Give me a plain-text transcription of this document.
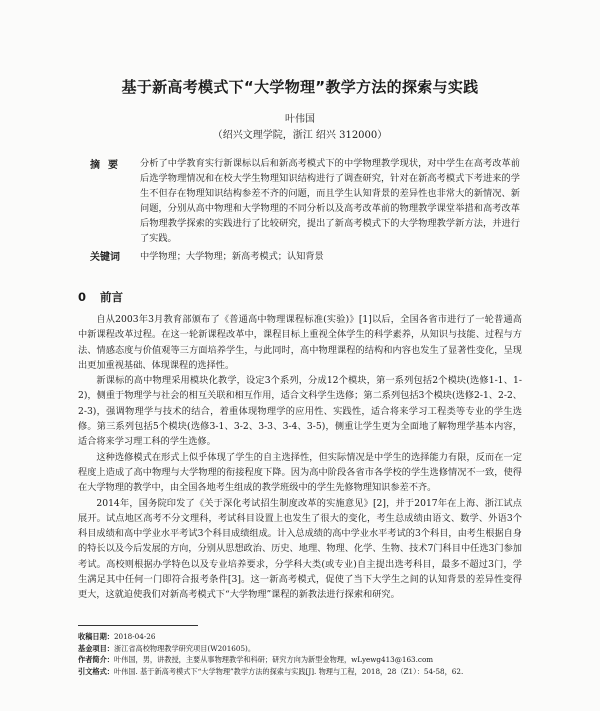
基于新高考模式下“大学物理”教学方法的探索与实践
叶伟国
（绍兴文理学院，浙江 绍兴 312000）
摘要	分析了中学教育实行新课标以后和新高考模式下的中学物理教学现状，对中学生在高考改革前后选学物理情况和在校大学生物理知识结构进行了调查研究，针对在新高考模式下考进来的学生不但存在物理知识结构参差不齐的问题，而且学生认知背景的差异性也非常大的新情况、新问题，分别从高中物理和大学物理的不同分析以及高考改革前的物理教学课堂举措和高考改革后物理教学探索的实践进行了比较研究，提出了新高考模式下的大学物理教学新方法，并进行了实践。
关键词	中学物理；大学物理；新高考模式；认知背景
0 前言

自从2003年3月教育部颁布了《普通高中物理课程标准(实验)》[1]以后，全国各省市进行了一轮普通高中新课程改革过程。在这一轮新课程改革中，课程目标上重视全体学生的科学素养，从知识与技能、过程与方法、情感态度与价值观等三方面培养学生，与此同时，高中物理课程的结构和内容也发生了显著性变化，呈现出更加重视基础、体现课程的选择性。

新课标的高中物理采用模块化教学，设定3个系列，分成12个模块，第一系列包括2个模块(选修1-1、1-2)，侧重于物理学与社会的相互关联和相互作用，适合文科学生选修；第二系列包括3个模块(选修2-1、2-2、2-3)，强调物理学与技术的结合，着重体现物理学的应用性、实践性，适合将来学习工程类等专业的学生选修。第三系列包括5个模块(选修3-1、3-2、3-3、3-4、3-5)，侧重让学生更为全面地了解物理学基本内容，适合将来学习理工科的学生选修。

这种选修模式在形式上似乎体现了学生的自主选择性，但实际情况是中学生的选择能力有限，反而在一定程度上造成了高中物理与大学物理的衔接程度下降。因为高中阶段各省市各学校的学生选修情况不一致，使得在大学物理的教学中，由全国各地考生组成的教学班级中的学生先修物理知识参差不齐。

2014年，国务院印发了《关于深化考试招生制度改革的实施意见》[2]，并于2017年在上海、浙江试点展开。试点地区高考不分文理科，考试科目设置上也发生了很大的变化，考生总成绩由语文、数学、外语3个科目成绩和高中学业水平考试3个科目成绩组成。计入总成绩的高中学业水平考试的3个科目，由考生根据自身的特长以及今后发展的方向，分别从思想政治、历史、地理、物理、化学、生物、技术7门科目中任选3门参加考试。高校则根据办学特色以及专业培养要求，分学科大类(或专业)自主提出选考科目，最多不超过3门，学生满足其中任何一门即符合报考条件[3]。这一新高考模式，促使了当下大学生之间的认知背景的差异性变得更大，这就迫使我们对新高考模式下“大学物理”课程的新教法进行探索和研究。

收稿日期：2018-04-26
基金项目：浙江省高校物理教学研究项目(W201605)。
作者简介：叶伟国，男，讲教授，主要从事物理教学和科研；研究方向为新型金物理，wLyewg413@163.com
引文格式：叶伟国. 基于新高考模式下“大学物理”教学方法的探索与实践[J]. 物理与工程，2018，28（Z1）：54-58，62.
